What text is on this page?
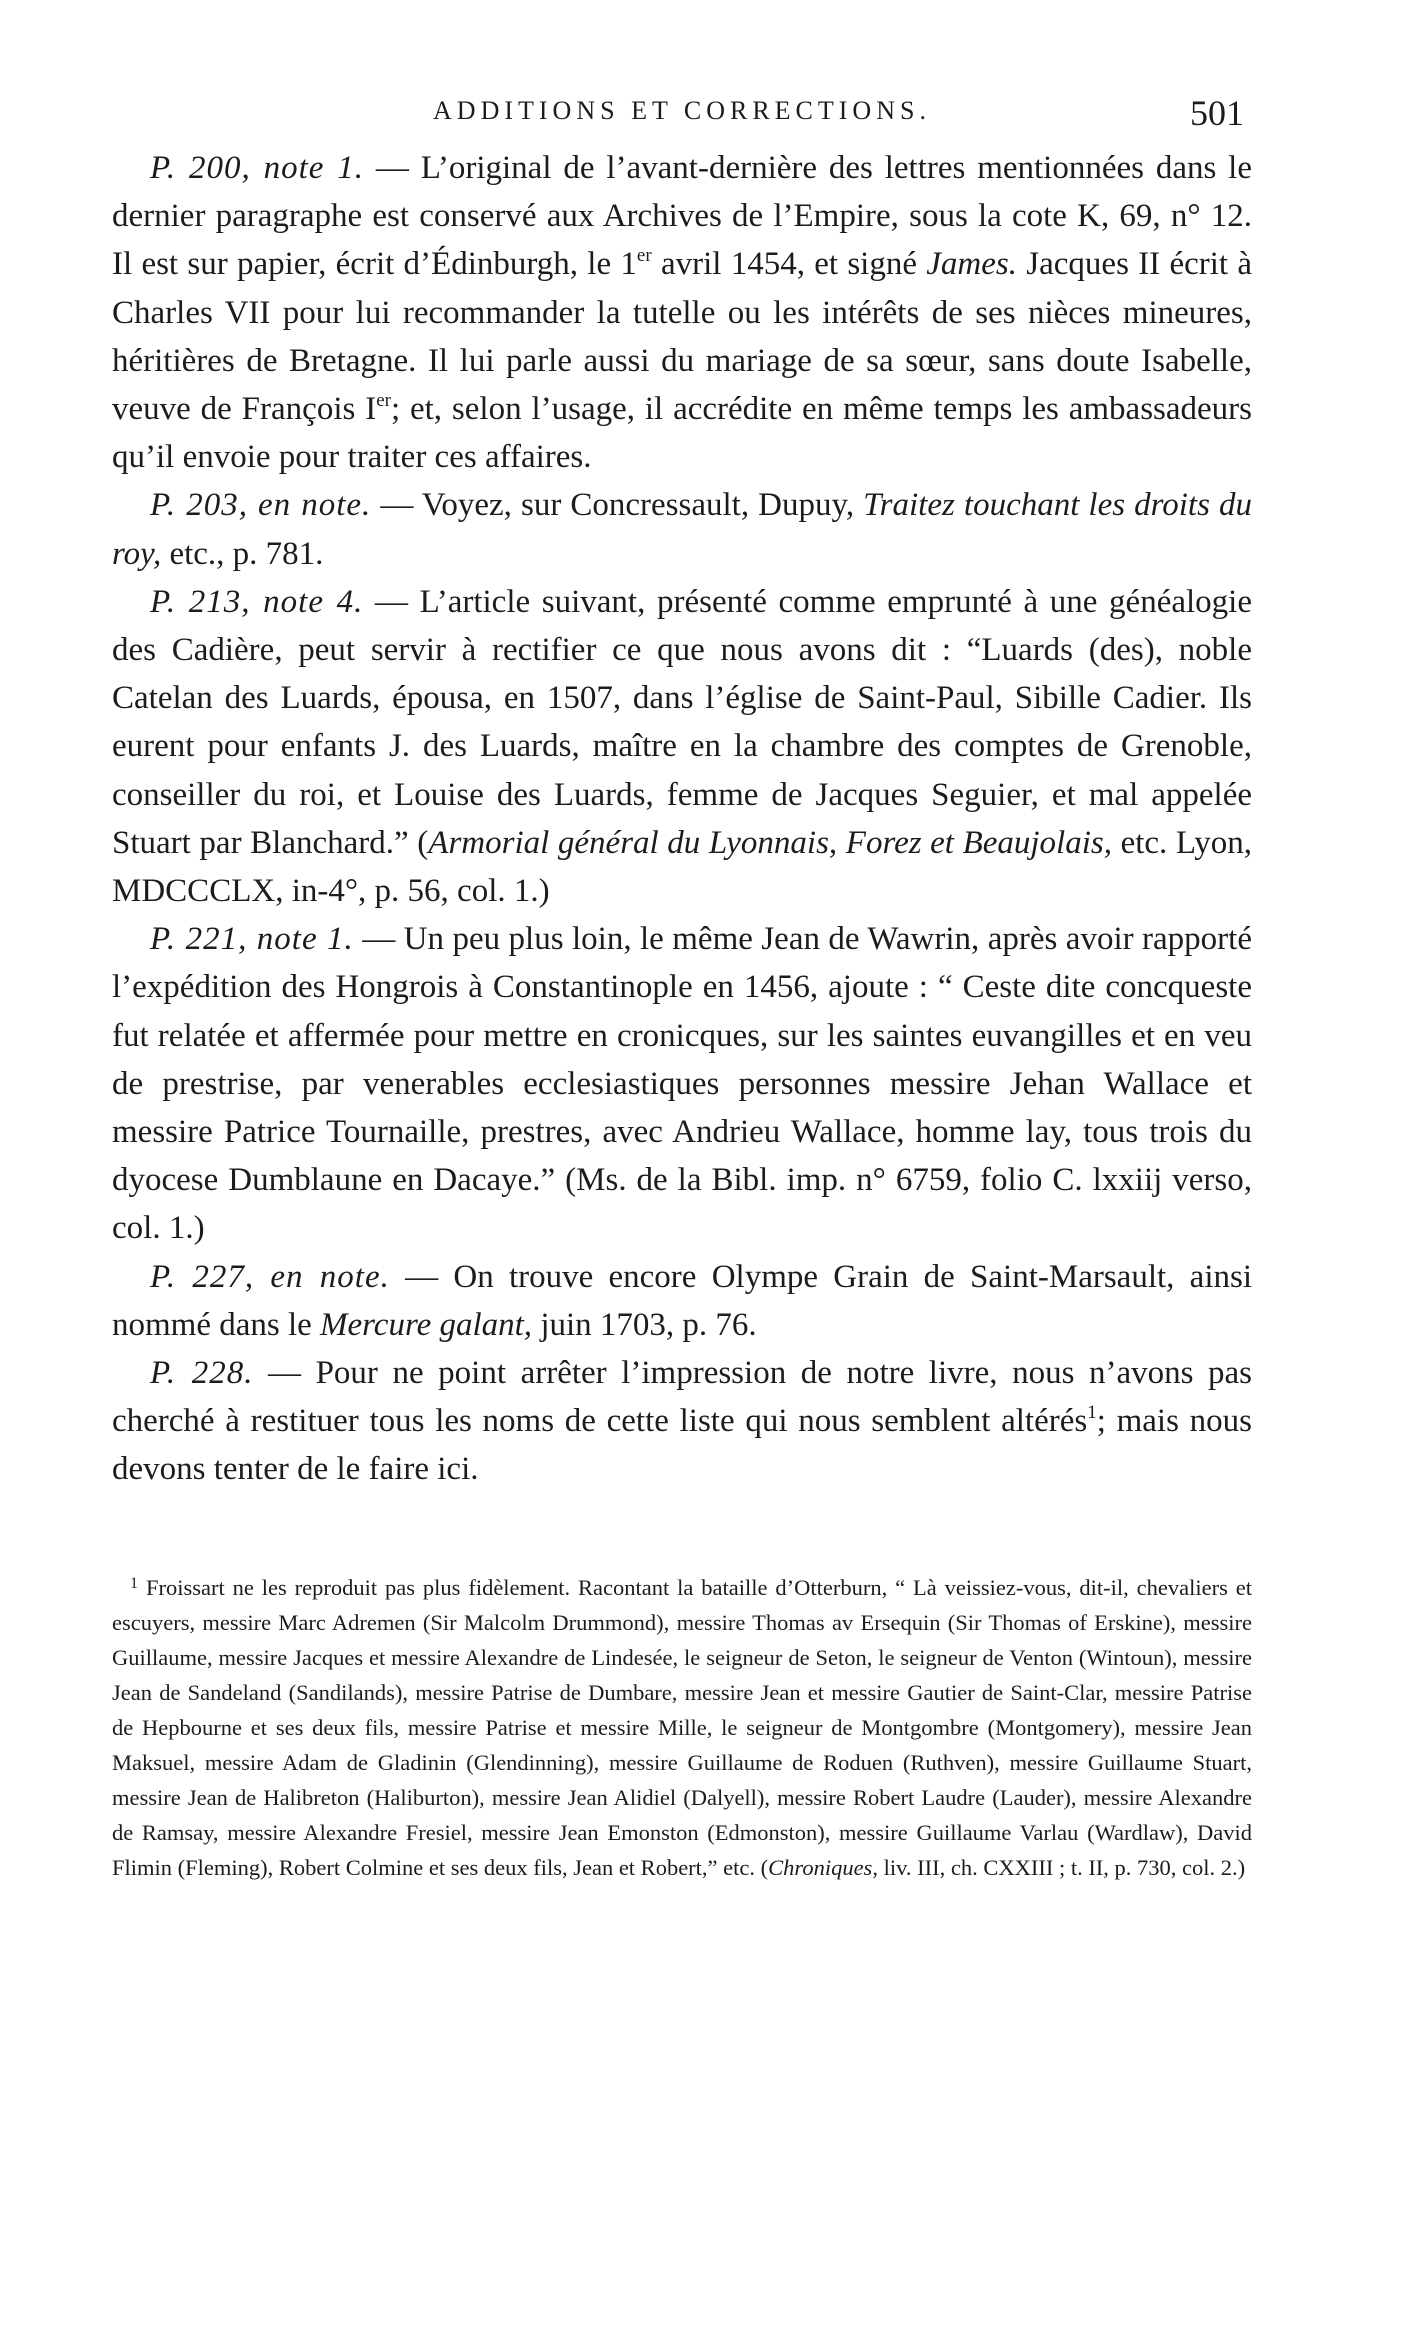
ADDITIONS ET CORRECTIONS.	501

P. 200, note 1. — L’original de l’avant-dernière des lettres mentionnées dans le dernier paragraphe est conservé aux Archives de l’Empire, sous la cote K, 69, n° 12. Il est sur papier, écrit d’Édinburgh, le 1er avril 1454, et signé James. Jacques II écrit à Charles VII pour lui recommander la tutelle ou les intérêts de ses nièces mineures, héritières de Bretagne. Il lui parle aussi du mariage de sa sœur, sans doute Isabelle, veuve de François Ier; et, selon l’usage, il accrédite en même temps les ambassadeurs qu’il envoie pour traiter ces affaires.

P. 203, en note. — Voyez, sur Concressault, Dupuy, Traitez touchant les droits du roy, etc., p. 781.

P. 213, note 4. — L’article suivant, présenté comme emprunté à une généalogie des Cadière, peut servir à rectifier ce que nous avons dit : “Luards (des), noble Catelan des Luards, épousa, en 1507, dans l’église de Saint-Paul, Sibille Cadier. Ils eurent pour enfants J. des Luards, maître en la chambre des comptes de Grenoble, conseiller du roi, et Louise des Luards, femme de Jacques Seguier, et mal appelée Stuart par Blanchard.” (Armorial général du Lyonnais, Forez et Beaujolais, etc. Lyon, MDCCCLX, in-4°, p. 56, col. 1.)

P. 221, note 1. — Un peu plus loin, le même Jean de Wawrin, après avoir rapporté l’expédition des Hongrois à Constantinople en 1456, ajoute : “ Ceste dite concqueste fut relatée et affermée pour mettre en cronicques, sur les saintes euvangilles et en veu de prestrise, par venerables ecclesiastiques personnes messire Jehan Wallace et messire Patrice Tournaille, prestres, avec Andrieu Wallace, homme lay, tous trois du dyocese Dumblaune en Dacaye.” (Ms. de la Bibl. imp. n° 6759, folio C. lxxiij verso, col. 1.)

P. 227, en note. — On trouve encore Olympe Grain de Saint-Marsault, ainsi nommé dans le Mercure galant, juin 1703, p. 76.

P. 228. — Pour ne point arrêter l’impression de notre livre, nous n’avons pas cherché à restituer tous les noms de cette liste qui nous semblent altérés$^1$; mais nous devons tenter de le faire ici.

$^1$ Froissart ne les reproduit pas plus fidèlement. Racontant la bataille d’Otterburn, “ Là veissiez-vous, dit-il, chevaliers et escuyers, messire Marc Adremen (Sir Malcolm Drummond), messire Thomas av Ersequin (Sir Thomas of Erskine), messire Guillaume, messire Jacques et messire Alexandre de Lindesée, le seigneur de Seton, le seigneur de Venton (Wintoun), messire Jean de Sandeland (Sandilands), messire Patrise de Dumbare, messire Jean et messire Gautier de Saint-Clar, messire Patrise de Hepbourne et ses deux fils, messire Patrise et messire Mille, le seigneur de Montgombre (Montgomery), messire Jean Maksuel, messire Adam de Gladinin (Glendinning), messire Guillaume de Roduen (Ruthven), messire Guillaume Stuart, messire Jean de Halibreton (Haliburton), messire Jean Alidiel (Dalyell), messire Robert Laudre (Lauder), messire Alexandre de Ramsay, messire Alexandre Fresiel, messire Jean Emonston (Edmonston), messire Guillaume Varlau (Wardlaw), David Flimin (Fleming), Robert Colmine et ses deux fils, Jean et Robert,” etc. (Chroniques, liv. III, ch. CXXIII ; t. II, p. 730, col. 2.)
